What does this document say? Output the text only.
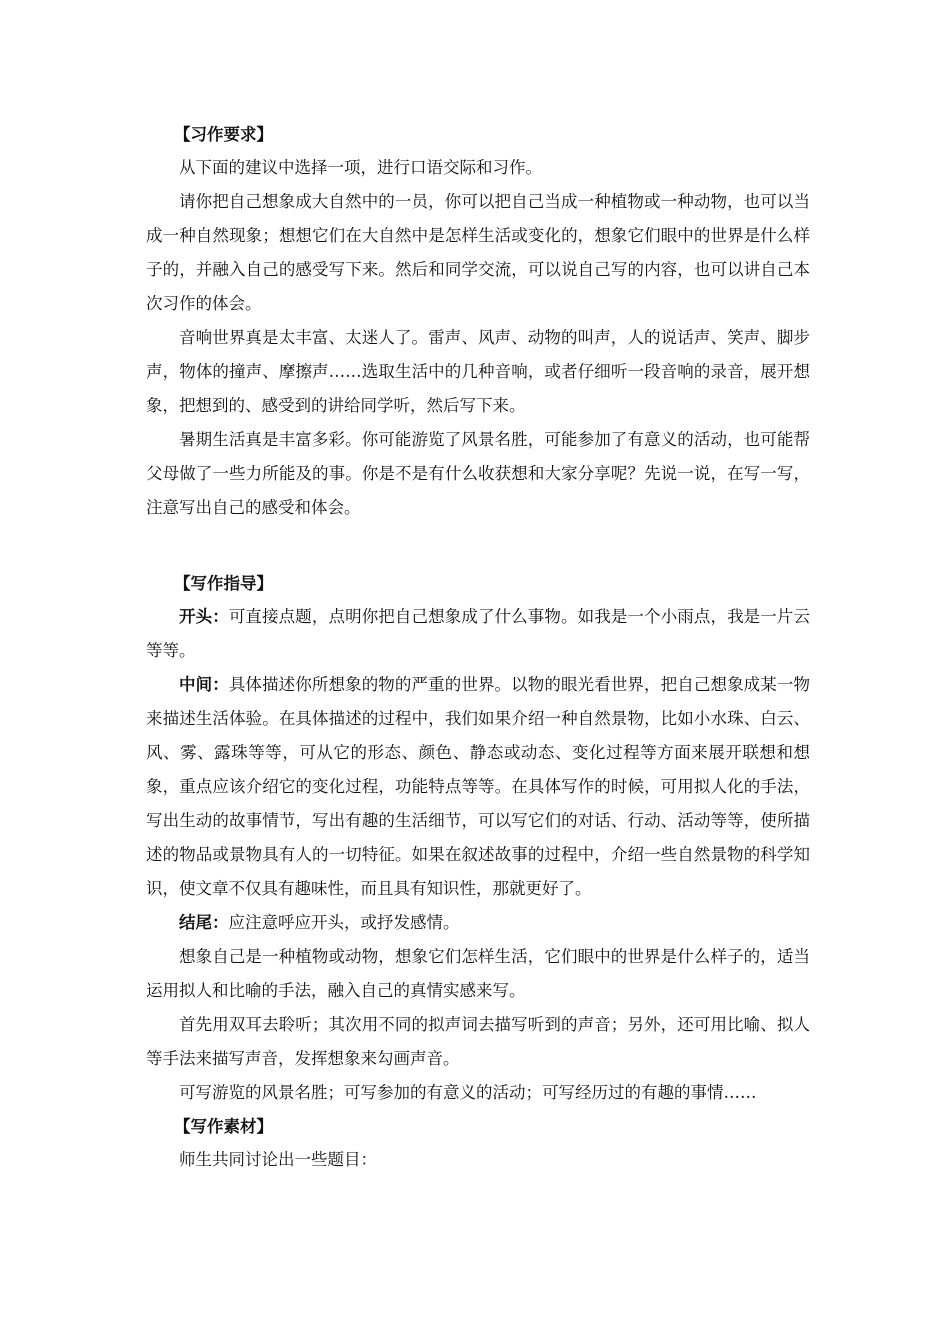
【习作要求】

从下面的建议中选择一项，进行口语交际和习作。

请你把自己想象成大自然中的一员，你可以把自己当成一种植物或一种动物，也可以当成一种自然现象；想想它们在大自然中是怎样生活或变化的，想象它们眼中的世界是什么样子的，并融入自己的感受写下来。然后和同学交流，可以说自己写的内容，也可以讲自己本次习作的体会。

音响世界真是太丰富、太迷人了。雷声、风声、动物的叫声，人的说话声、笑声、脚步声，物体的撞声、摩擦声……选取生活中的几种音响，或者仔细听一段音响的录音，展开想象，把想到的、感受到的讲给同学听，然后写下来。

暑期生活真是丰富多彩。你可能游览了风景名胜，可能参加了有意义的活动，也可能帮父母做了一些力所能及的事。你是不是有什么收获想和大家分享呢？先说一说，在写一写，注意写出自己的感受和体会。

【写作指导】

开头：可直接点题，点明你把自己想象成了什么事物。如我是一个小雨点，我是一片云等等。

中间：具体描述你所想象的物的严重的世界。以物的眼光看世界，把自己想象成某一物来描述生活体验。在具体描述的过程中，我们如果介绍一种自然景物，比如小水珠、白云、风、雾、露珠等等，可从它的形态、颜色、静态或动态、变化过程等方面来展开联想和想象，重点应该介绍它的变化过程，功能特点等等。在具体写作的时候，可用拟人化的手法，写出生动的故事情节，写出有趣的生活细节，可以写它们的对话、行动、活动等等，使所描述的物品或景物具有人的一切特征。如果在叙述故事的过程中，介绍一些自然景物的科学知识，使文章不仅具有趣味性，而且具有知识性，那就更好了。

结尾：应注意呼应开头，或抒发感情。

想象自己是一种植物或动物，想象它们怎样生活，它们眼中的世界是什么样子的，适当运用拟人和比喻的手法，融入自己的真情实感来写。

首先用双耳去聆听；其次用不同的拟声词去描写听到的声音；另外，还可用比喻、拟人等手法来描写声音，发挥想象来勾画声音。

可写游览的风景名胜；可写参加的有意义的活动；可写经历过的有趣的事情……

【写作素材】

师生共同讨论出一些题目：
